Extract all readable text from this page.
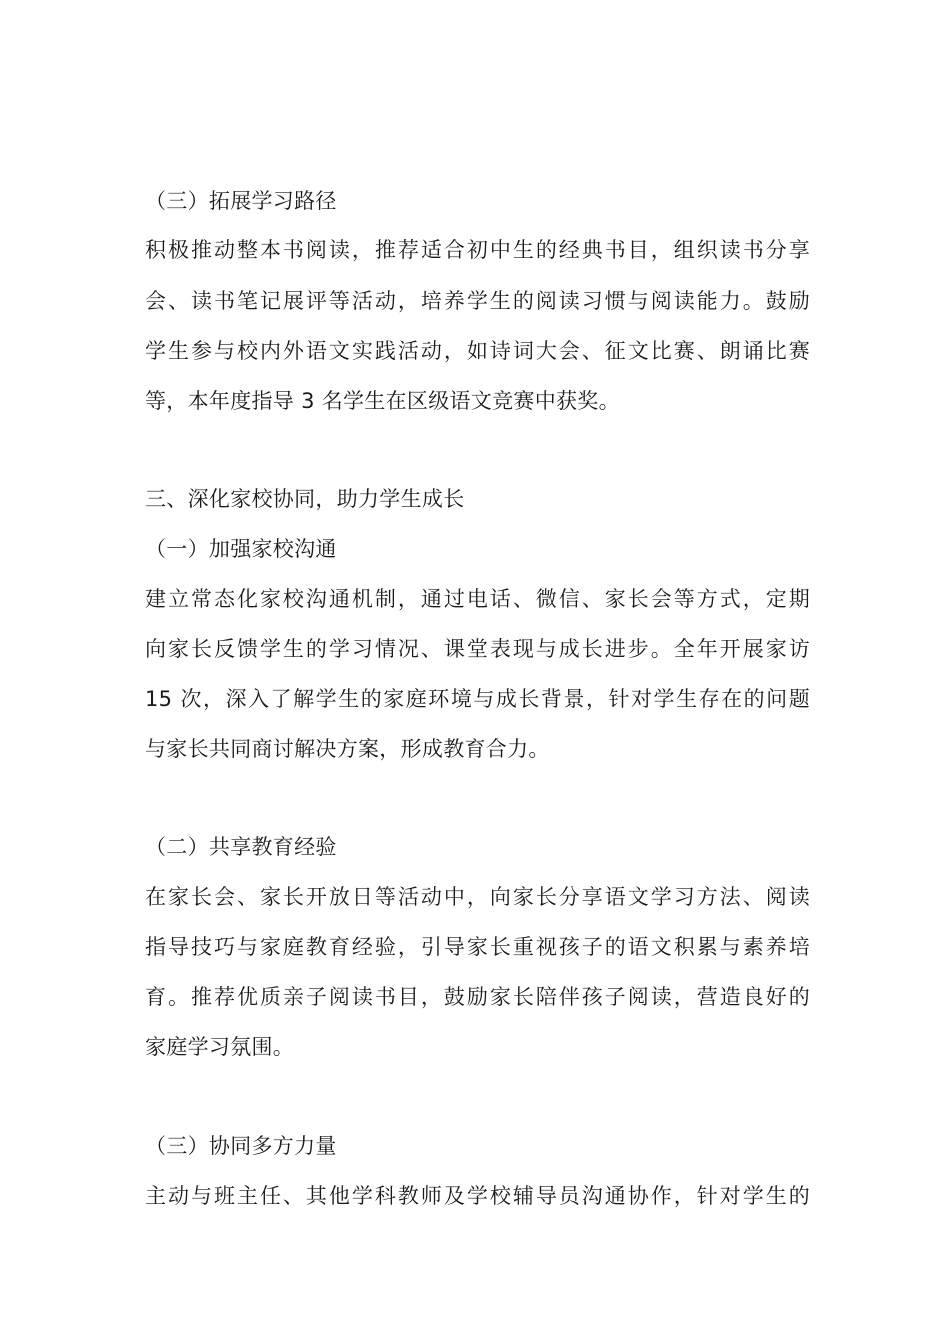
（三）拓展学习路径
积极推动整本书阅读，推荐适合初中生的经典书目，组织读书分享
会、读书笔记展评等活动，培养学生的阅读习惯与阅读能力。鼓励
学生参与校内外语文实践活动，如诗词大会、征文比赛、朗诵比赛
等，本年度指导 3 名学生在区级语文竞赛中获奖。
三、深化家校协同，助力学生成长
（一）加强家校沟通
建立常态化家校沟通机制，通过电话、微信、家长会等方式，定期
向家长反馈学生的学习情况、课堂表现与成长进步。全年开展家访
15 次，深入了解学生的家庭环境与成长背景，针对学生存在的问题
与家长共同商讨解决方案，形成教育合力。
（二）共享教育经验
在家长会、家长开放日等活动中，向家长分享语文学习方法、阅读
指导技巧与家庭教育经验，引导家长重视孩子的语文积累与素养培
育。推荐优质亲子阅读书目，鼓励家长陪伴孩子阅读，营造良好的
家庭学习氛围。
（三）协同多方力量
主动与班主任、其他学科教师及学校辅导员沟通协作，针对学生的
